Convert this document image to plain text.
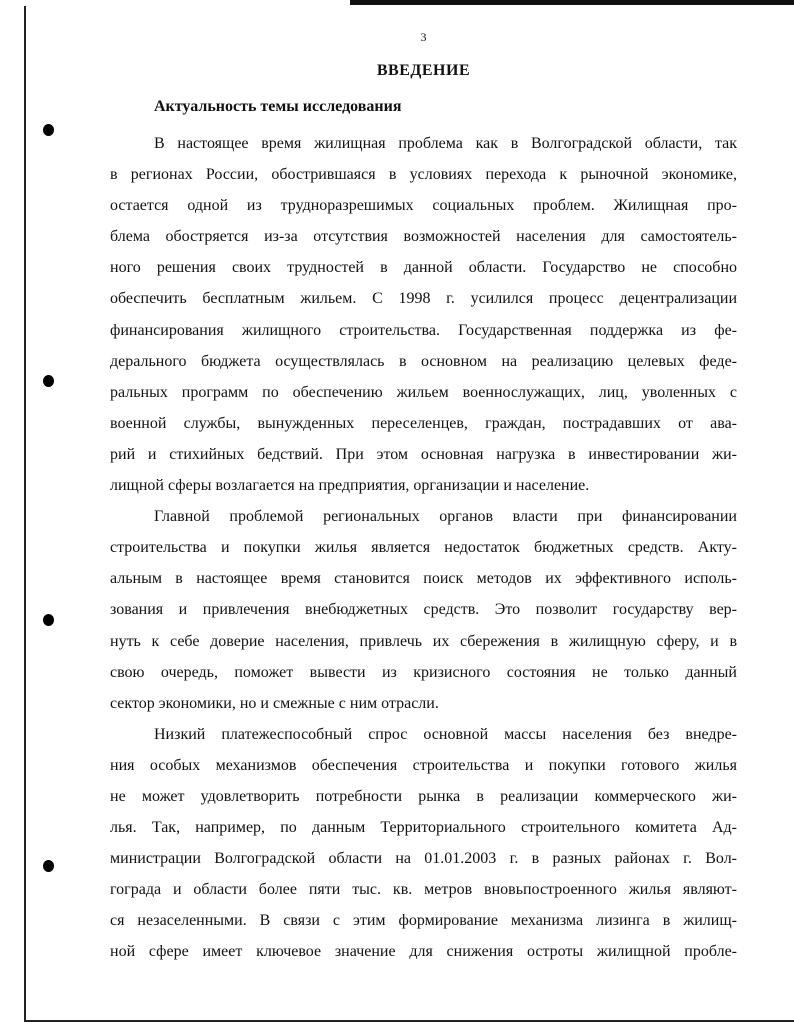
3
ВВЕДЕНИЕ
Актуальность темы исследования
В настоящее время жилищная проблема как в Волгоградской области, так
в регионах России, обострившаяся в условиях перехода к рыночной экономике,
остается одной из трудноразрешимых социальных проблем. Жилищная про-
блема обостряется из-за отсутствия возможностей населения для самостоятель-
ного решения своих трудностей в данной области. Государство не способно
обеспечить бесплатным жильем. С 1998 г. усилился процесс децентрализации
финансирования жилищного строительства. Государственная поддержка из фе-
дерального бюджета осуществлялась в основном на реализацию целевых феде-
ральных программ по обеспечению жильем военнослужащих, лиц, уволенных с
военной службы, вынужденных переселенцев, граждан, пострадавших от ава-
рий и стихийных бедствий. При этом основная нагрузка в инвестировании жи-
лищной сферы возлагается на предприятия, организации и население.
Главной проблемой региональных органов власти при финансировании
строительства и покупки жилья является недостаток бюджетных средств. Акту-
альным в настоящее время становится поиск методов их эффективного исполь-
зования и привлечения внебюджетных средств. Это позволит государству вер-
нуть к себе доверие населения, привлечь их сбережения в жилищную сферу, и в
свою очередь, поможет вывести из кризисного состояния не только данный
сектор экономики, но и смежные с ним отрасли.
Низкий платежеспособный спрос основной массы населения без внедре-
ния особых механизмов обеспечения строительства и покупки готового жилья
не может удовлетворить потребности рынка в реализации коммерческого жи-
лья. Так, например, по данным Территориального строительного комитета Ад-
министрации Волгоградской области на 01.01.2003 г. в разных районах г. Вол-
гограда и области более пяти тыс. кв. метров вновьпостроенного жилья являют-
ся незаселенными. В связи с этим формирование механизма лизинга в жилищ-
ной сфере имеет ключевое значение для снижения остроты жилищной пробле-
